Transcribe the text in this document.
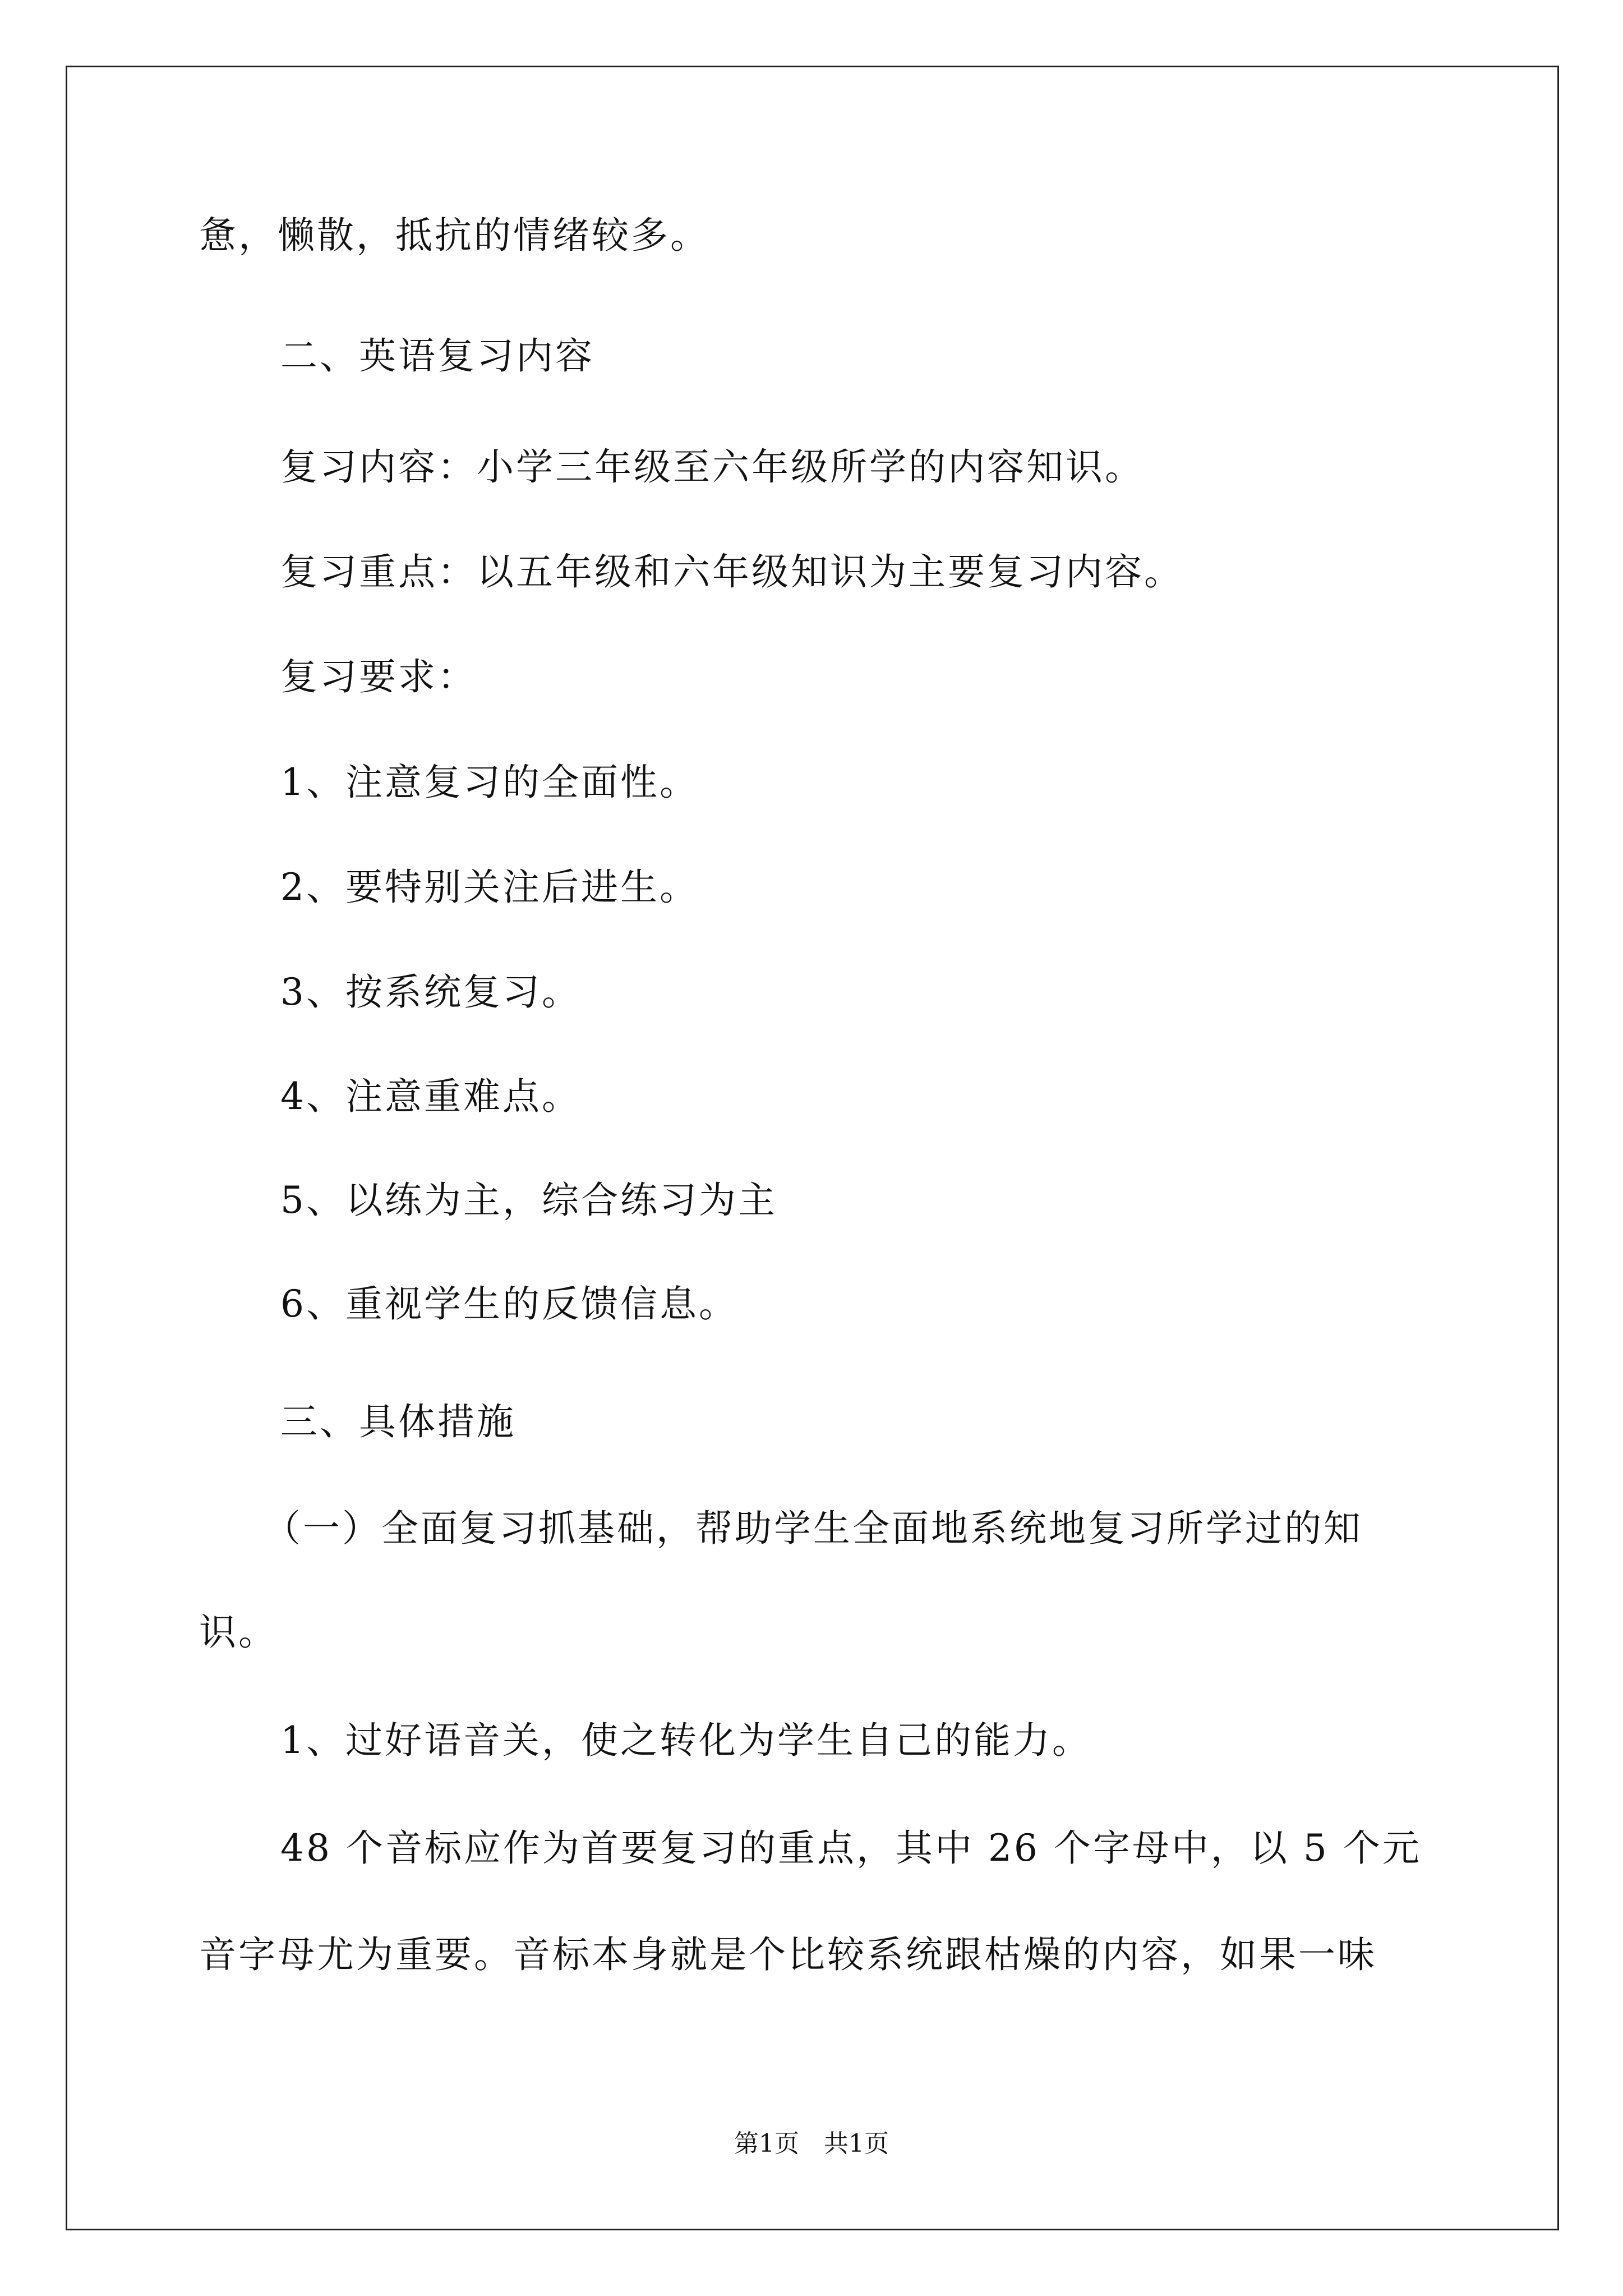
惫，懒散，抵抗的情绪较多。
二、英语复习内容
复习内容：小学三年级至六年级所学的内容知识。
复习重点：以五年级和六年级知识为主要复习内容。
复习要求：
1、注意复习的全面性。
2、要特别关注后进生。
3、按系统复习。
4、注意重难点。
5、以练为主，综合练习为主
6、重视学生的反馈信息。
三、具体措施
（一）全面复习抓基础，帮助学生全面地系统地复习所学过的知
识。
1、过好语音关，使之转化为学生自己的能力。
48 个音标应作为首要复习的重点，其中 26 个字母中，以 5 个元
音字母尤为重要。音标本身就是个比较系统跟枯燥的内容，如果一味
第1页　共1页
